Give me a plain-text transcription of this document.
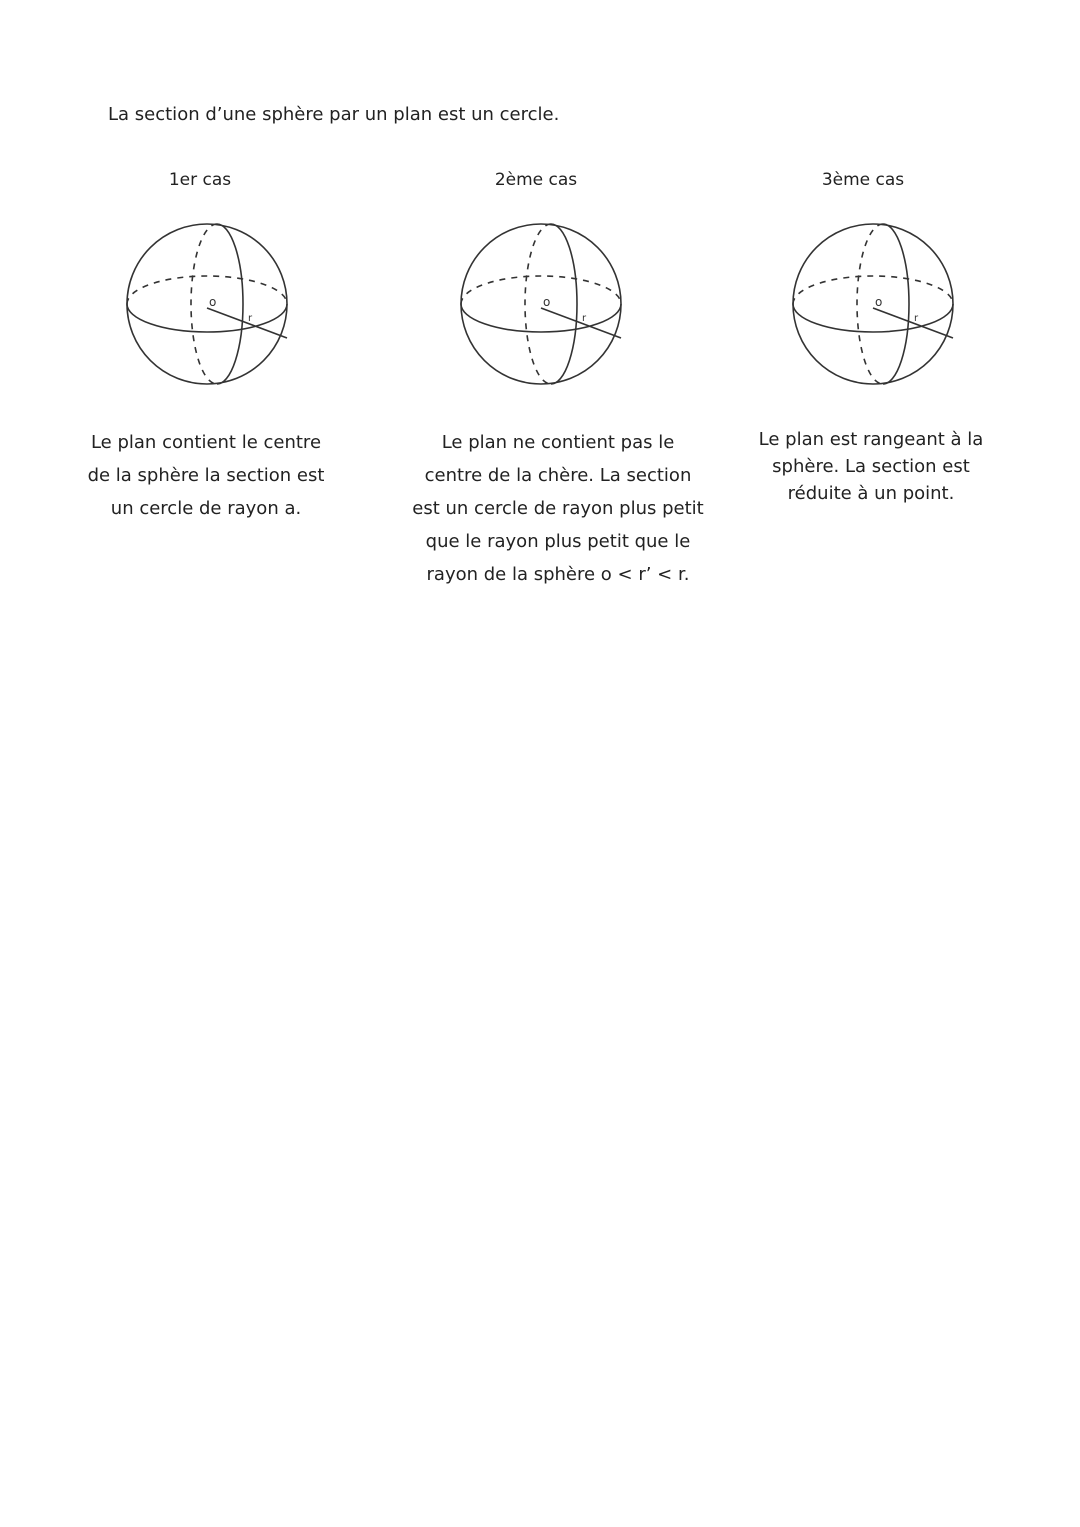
La section d’une sphère par un plan est un cercle.

1er cas

o
r

Le plan contient le centre

de la sphère la section est

un cercle de rayon a.

2ème cas

o
r

Le plan ne contient pas le

centre de la chère. La section

est un cercle de rayon plus petit

que le rayon plus petit que le

rayon de la sphère o < r’ < r.

3ème cas

o
r

Le plan est rangeant à la

sphère. La section est

réduite à un point.
